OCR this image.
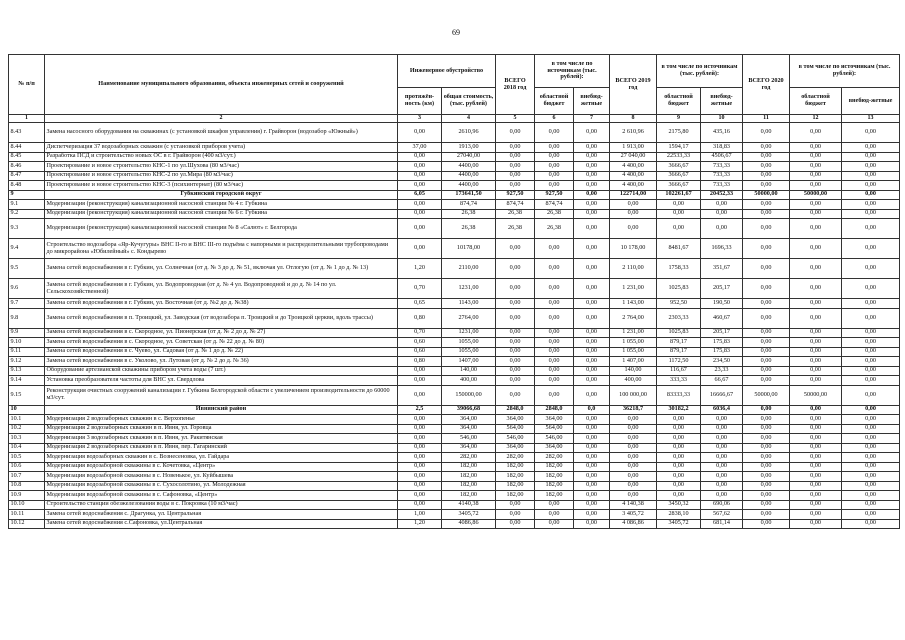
69
№ п/п	Наименование муниципального образования, объекта инженерных сетей и сооружений	Инженерное обустройство		ВСЕГО 2018 год	в том числе по источникам (тыс. рублей):		ВСЕГО 2019 год	в том числе по источникам (тыс. рублей):		ВСЕГО 2020 год	в том числе по источникам (тыс. рублей):	
		протяжён-ность (км)	общая стоимость, (тыс. рублей)		областной бюджет	внебюд-жетные		областной бюджет	внебюд-жетные		областной бюджет	внебюд-жетные
1	2	3	4	5	6	7	8	9	10	11	12	13
8.43	Замена насосного оборудования на скважинах (с установкой шкафов управления) г. Грайворон (водозабор «Южный»)	0,00	2610,96	0,00	0,00	0,00	2 610,96	2175,80	435,16	0,00	0,00	0,00
8.44	Диспетчеризация 37 водозаборных скважин (с установкой приборов учета)	37,00	1913,00	0,00	0,00	0,00	1 913,00	1594,17	318,83	0,00	0,00	0,00
8.45	Разработка ПСД и строительство новых ОС в г. Грайворон (400 м3/сут.)	0,00	27040,00	0,00	0,00	0,00	27 040,00	22533,33	4506,67	0,00	0,00	0,00
8.46	Проектирование и новое строительство КНС-1 по ул.Шухова (80 м3/час)	0,00	4400,00	0,00	0,00	0,00	4 400,00	3666,67	733,33	0,00	0,00	0,00
8.47	Проектирование и новое строительство КНС-2 по ул.Мира (80 м3/час)	0,00	4400,00	0,00	0,00	0,00	4 400,00	3666,67	733,33	0,00	0,00	0,00
8.48	Проектирование и новое строительство КНС-3 (психинтернат) (80 м3/час)	0,00	4400,00	0,00	0,00	0,00	4 400,00	3666,67	733,33	0,00	0,00	0,00
9	Губкинский городской округ	6,05	173641,50	927,50	927,50	0,00	122714,00	102261,67	20452,33	50000,00	50000,00	0,00
9.1	Модернизация (реконструкция) канализационной насосной станции № 4 г. Губкина	0,00	874,74	874,74	874,74	0,00	0,00	0,00	0,00	0,00	0,00	0,00
9.2	Модернизация (реконструкция) канализационной насосной станции № 6 г. Губкина	0,00	26,38	26,38	26,38	0,00	0,00	0,00	0,00	0,00	0,00	0,00
9.3	Модернизация (реконструкция) канализационной насосной станции № 8 «Салют» г. Белгорода	0,00	26,38	26,38	26,38	0,00	0,00	0,00	0,00	0,00	0,00	0,00
9.4	Строительство водозабора «Яр-Кучугуры» ВНС II-го и ВНС III-го подъёма с напорными и распределительными трубопроводами до микрорайона «Юбилейный» с. Кондырево	0,00	10178,00	0,00	0,00	0,00	10 178,00	8481,67	1696,33	0,00	0,00	0,00
9.5	Замена сетей водоснабжения в г. Губкин, ул. Солнечная (от д. № 3 до д. № 51, включая ул. Отлогую (от д. № 1 до д. № 13)	1,20	2110,00	0,00	0,00	0,00	2 110,00	1758,33	351,67	0,00	0,00	0,00
9.6	Замена сетей водоснабжения в г. Губкин, ул. Водопроводная (от д. № 4 ул. Водопроводной и до д. № 14 по ул. Сельскохозяйственной)	0,70	1231,00	0,00	0,00	0,00	1 231,00	1025,83	205,17	0,00	0,00	0,00
9.7	Замена сетей водоснабжения в г. Губкин, ул. Восточная (от д. №2 до д. №38)	0,65	1143,00	0,00	0,00	0,00	1 143,00	952,50	190,50	0,00	0,00	0,00
9.8	Замена сетей водоснабжения в п. Троицкий, ул. Заводская (от водозабора п. Троицкий и до Троицкой церкви, вдоль трассы)	0,80	2764,00	0,00	0,00	0,00	2 764,00	2303,33	460,67	0,00	0,00	0,00
9.9	Замена сетей водоснабжения в с. Скородное, ул. Пионерская (от д. № 2 до д. № 27)	0,70	1231,00	0,00	0,00	0,00	1 231,00	1025,83	205,17	0,00	0,00	0,00
9.10	Замена сетей водоснабжения в с. Скородное, ул. Советская (от д. № 22 до д. № 80)	0,60	1055,00	0,00	0,00	0,00	1 055,00	879,17	175,83	0,00	0,00	0,00
9.11	Замена сетей водоснабжения в с. Чуево, ул. Садовая (от д. № 1 до д. № 22)	0,60	1055,00	0,00	0,00	0,00	1 055,00	879,17	175,83	0,00	0,00	0,00
9.12	Замена сетей водоснабжения в с. Уколово, ул. Лутовая (от д. № 2 до д. № 36)	0,80	1407,00	0,00	0,00	0,00	1 407,00	1172,50	234,50	0,00	0,00	0,00
9.13	Оборудование артезианской скважины прибором учета воды (7 шт.)	0,00	140,00	0,00	0,00	0,00	140,00	116,67	23,33	0,00	0,00	0,00
9.14	Установка преобразователя частоты для ВНС ул. Свердлова	0,00	400,00	0,00	0,00	0,00	400,00	333,33	66,67	0,00	0,00	0,00
9.15	Реконструкция очистных сооружений канализации г. Губкина Белгородской области с увеличением производительности до 60000 м3/сут.	0,00	150000,00	0,00	0,00	0,00	100 000,00	83333,33	16666,67	50000,00	50000,00	0,00
10	Ивнянский район	2,5	39066,68	2848,0	2848,0	0,0	36218,7	30182,2	6036,4	0,00	0,00	0,00
10.1	Модернизация 2 водозаборных скважин в с. Верхопенье	0,00	364,00	364,00	364,00	0,00	0,00	0,00	0,00	0,00	0,00	0,00
10.2	Модернизация 2 водозаборных скважин в п. Ивня, ул. Горовца	0,00	364,00	564,00	564,00	0,00	0,00	0,00	0,00	0,00	0,00	0,00
10.3	Модернизация 3 водозаборных скважин в п. Ивня, ул. Ракитянская	0,00	546,00	546,00	546,00	0,00	0,00	0,00	0,00	0,00	0,00	0,00
10.4	Модернизация 2 водозаборных скважин в п. Ивня, пер. Гагаринский	0,00	364,00	364,00	364,00	0,00	0,00	0,00	0,00	0,00	0,00	0,00
10.5	Модернизация водозаборных скважин в с. Вознесеновка, ул. Гайдара	0,00	282,00	282,00	282,00	0,00	0,00	0,00	0,00	0,00	0,00	0,00
10.6	Модернизация водозаборной скважины в с. Кочетовка, «Центр»	0,00	182,00	182,00	182,00	0,00	0,00	0,00	0,00	0,00	0,00	0,00
10.7	Модернизация водозаборной скважины в с. Новенькое, ул. Куйбышева	0,00	182,00	182,00	182,00	0,00	0,00	0,00	0,00	0,00	0,00	0,00
10.8	Модернизация водозаборной скважины в с. Сухосолотино, ул. Молодежная	0,00	182,00	182,00	182,00	0,00	0,00	0,00	0,00	0,00	0,00	0,00
10.9	Модернизация водозаборной скважины в с. Сафоновка, «Центр»	0,00	182,00	182,00	182,00	0,00	0,00	0,00	0,00	0,00	0,00	0,00
10.10	Строительство станции обезжелезования воды в с. Покровка (10 м3/час)	0,00	4140,38	0,00	0,00	0,00	4 140,38	3450,32	690,06	0,00	0,00	0,00
10.11	Замена сетей водоснабжения с. Драгунка, ул. Центральная	1,00	3405,72	0,00	0,00	0,00	3 405,72	2838,10	567,62	0,00	0,00	0,00
10.12	Замена сетей водоснабжения с.Сафоновка, ул.Центральная	1,20	4086,86	0,00	0,00	0,00	4 086,86	3405,72	681,14	0,00	0,00	0,00
